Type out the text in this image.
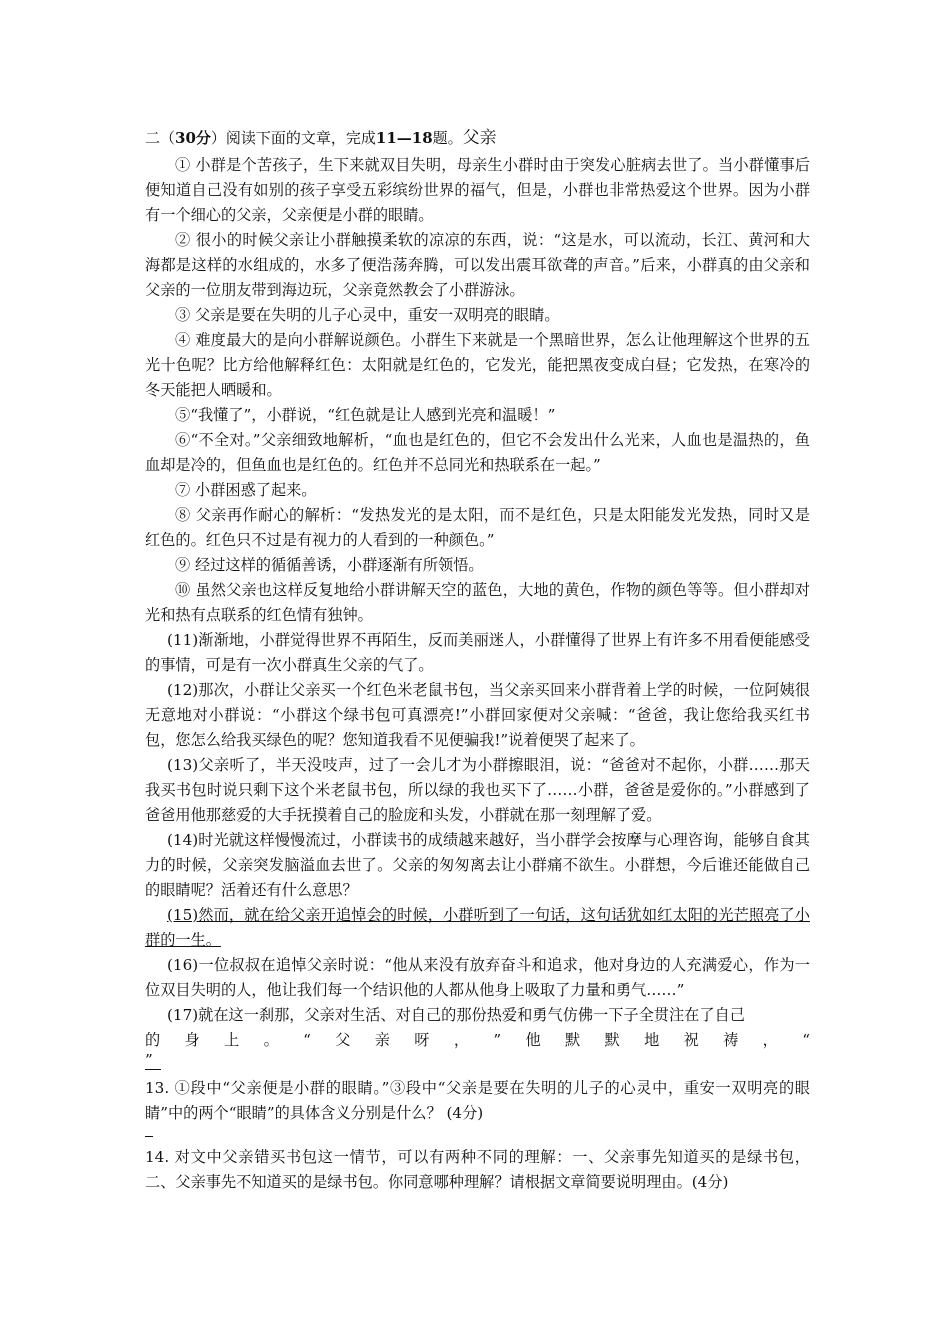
二（30分）阅读下面的文章，完成11—18题。父亲

① 小群是个苦孩子，生下来就双目失明，母亲生小群时由于突发心脏病去世了。当小群懂事后便知道自己没有如别的孩子享受五彩缤纷世界的福气，但是，小群也非常热爱这个世界。因为小群有一个细心的父亲，父亲便是小群的眼睛。

② 很小的时候父亲让小群触摸柔软的凉凉的东西，说：“这是水，可以流动，长江、黄河和大海都是这样的水组成的，水多了便浩荡奔腾，可以发出震耳欲聋的声音。”后来，小群真的由父亲和父亲的一位朋友带到海边玩，父亲竟然教会了小群游泳。

③ 父亲是要在失明的儿子心灵中，重安一双明亮的眼睛。

④ 难度最大的是向小群解说颜色。小群生下来就是一个黑暗世界，怎么让他理解这个世界的五光十色呢？比方给他解释红色：太阳就是红色的，它发光，能把黑夜变成白昼；它发热，在寒冷的冬天能把人晒暖和。

⑤“我懂了”，小群说，“红色就是让人感到光亮和温暖！”

⑥“不全对。”父亲细致地解析，“血也是红色的，但它不会发出什么光来，人血也是温热的，鱼血却是冷的，但鱼血也是红色的。红色并不总同光和热联系在一起。”

⑦ 小群困惑了起来。

⑧ 父亲再作耐心的解析：“发热发光的是太阳，而不是红色，只是太阳能发光发热，同时又是红色的。红色只不过是有视力的人看到的一种颜色。”

⑨ 经过这样的循循善诱，小群逐渐有所领悟。

⑩ 虽然父亲也这样反复地给小群讲解天空的蓝色，大地的黄色，作物的颜色等等。但小群却对光和热有点联系的红色情有独钟。

(11)渐渐地，小群觉得世界不再陌生，反而美丽迷人，小群懂得了世界上有许多不用看便能感受的事情，可是有一次小群真生父亲的气了。

(12)那次，小群让父亲买一个红色米老鼠书包，当父亲买回来小群背着上学的时候，一位阿姨很无意地对小群说：“小群这个绿书包可真漂亮!”小群回家便对父亲喊：“爸爸，我让您给我买红书包，您怎么给我买绿色的呢？您知道我看不见便骗我!”说着便哭了起来了。

(13)父亲听了，半天没吱声，过了一会儿才为小群擦眼泪，说：“爸爸对不起你，小群……那天我买书包时说只剩下这个米老鼠书包，所以绿的我也买下了……小群，爸爸是爱你的。”小群感到了爸爸用他那慈爱的大手抚摸着自己的脸庞和头发，小群就在那一刻理解了爱。

(14)时光就这样慢慢流过，小群读书的成绩越来越好，当小群学会按摩与心理咨询，能够自食其力的时候，父亲突发脑溢血去世了。父亲的匆匆离去让小群痛不欲生。小群想，今后谁还能做自己的眼睛呢？活着还有什么意思？

(15)然而，就在给父亲开追悼会的时候，小群听到了一句话，这句话犹如红太阳的光芒照亮了小群的一生。

(16)一位叔叔在追悼父亲时说：“他从来没有放弃奋斗和追求，他对身边的人充满爱心，作为一位双目失明的人，他让我们每一个结识他的人都从他身上吸取了力量和勇气……”

(17)就在这一刹那，父亲对生活、对自己的那份热爱和勇气仿佛一下子全贯注在了自己

的 身 上 。 “ 父 亲 呀 ， ” 他 默 默 地 祝 祷 ， “
”

13. ①段中“父亲便是小群的眼睛。”③段中“父亲是要在失明的儿子的心灵中，重安一双明亮的眼睛”中的两个“眼睛”的具体含义分别是什么？ (4分)

14. 对文中父亲错买书包这一情节，可以有两种不同的理解：一、父亲事先知道买的是绿书包，二、父亲事先不知道买的是绿书包。你同意哪种理解？请根据文章简要说明理由。(4分)
